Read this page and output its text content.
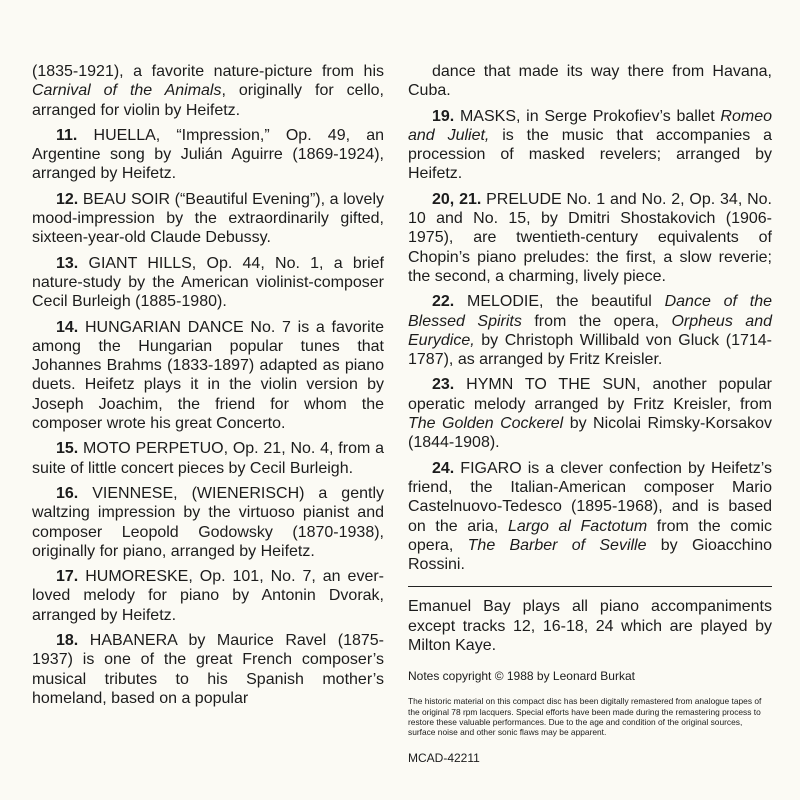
(1835-1921), a favorite nature-picture from his Carnival of the Animals, originally for cello, arranged for violin by Heifetz.

11. HUELLA, “Impression,” Op. 49, an Argentine song by Julián Aguirre (1869-1924), arranged by Heifetz.

12. BEAU SOIR (“Beautiful Evening”), a lovely mood-impression by the extraordinarily gifted, sixteen-year-old Claude Debussy.

13. GIANT HILLS, Op. 44, No. 1, a brief nature-study by the American violinist-composer Cecil Burleigh (1885-1980).

14. HUNGARIAN DANCE No. 7 is a favorite among the Hungarian popular tunes that Johannes Brahms (1833-1897) adapted as piano duets. Heifetz plays it in the violin version by Joseph Joachim, the friend for whom the composer wrote his great Concerto.

15. MOTO PERPETUO, Op. 21, No. 4, from a suite of little concert pieces by Cecil Burleigh.

16. VIENNESE, (WIENERISCH) a gently waltzing impression by the virtuoso pianist and composer Leopold Godowsky (1870-1938), originally for piano, arranged by Heifetz.

17. HUMORESKE, Op. 101, No. 7, an ever-loved melody for piano by Antonin Dvorak, arranged by Heifetz.

18. HABANERA by Maurice Ravel (1875-1937) is one of the great French composer’s musical tributes to his Spanish mother’s homeland, based on a popular

dance that made its way there from Havana, Cuba.

19. MASKS, in Serge Prokofiev’s ballet Romeo and Juliet, is the music that accompanies a procession of masked revelers; arranged by Heifetz.

20, 21. PRELUDE No. 1 and No. 2, Op. 34, No. 10 and No. 15, by Dmitri Shostakovich (1906-1975), are twentieth-century equivalents of Chopin’s piano preludes: the first, a slow reverie; the second, a charming, lively piece.

22. MELODIE, the beautiful Dance of the Blessed Spirits from the opera, Orpheus and Eurydice, by Christoph Willibald von Gluck (1714-1787), as arranged by Fritz Kreisler.

23. HYMN TO THE SUN, another popular operatic melody arranged by Fritz Kreisler, from The Golden Cockerel by Nicolai Rimsky-Korsakov (1844-1908).

24. FIGARO is a clever confection by Heifetz’s friend, the Italian-American composer Mario Castelnuovo-Tedesco (1895-1968), and is based on the aria, Largo al Factotum from the comic opera, The Barber of Seville by Gioacchino Rossini.

Emanuel Bay plays all piano accompaniments except tracks 12, 16-18, 24 which are played by Milton Kaye.

Notes copyright © 1988 by Leonard Burkat

The historic material on this compact disc has been digitally remastered from analogue tapes of the original 78 rpm lacquers. Special efforts have been made during the remastering process to restore these valuable performances. Due to the age and condition of the original sources, surface noise and other sonic flaws may be apparent.

MCAD-42211
